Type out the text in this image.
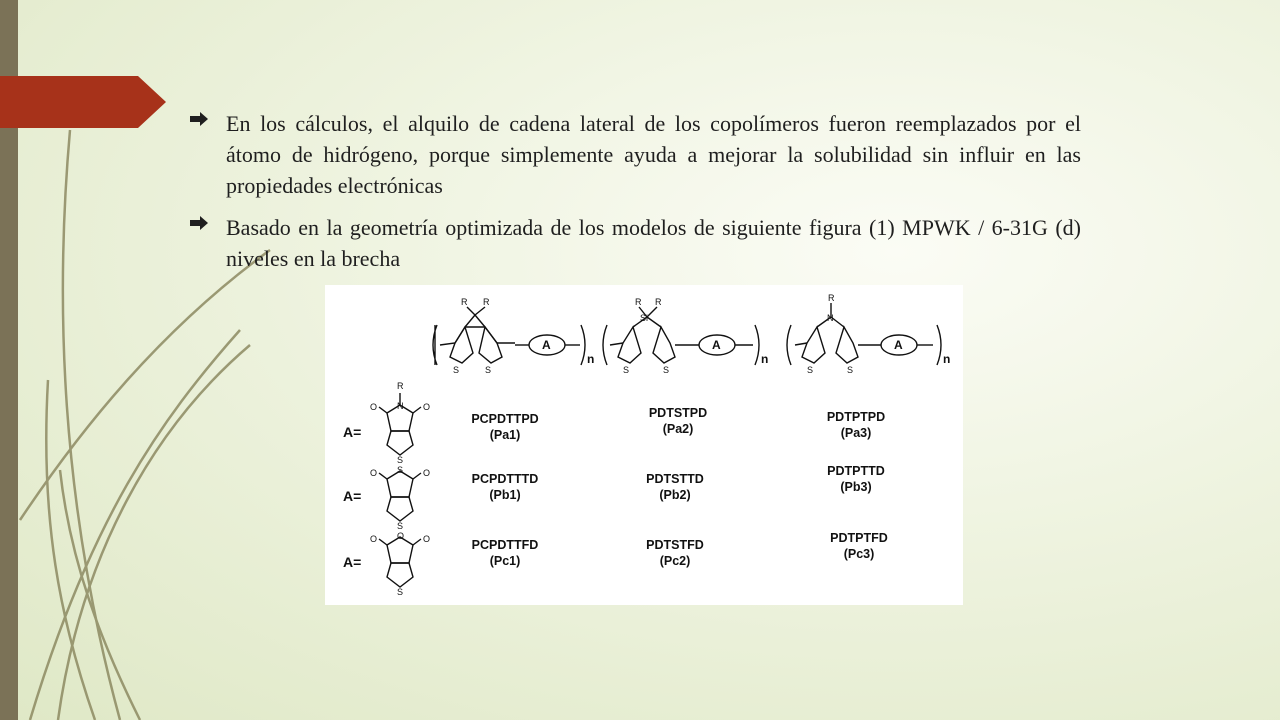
En los cálculos, el alquilo de cadena lateral de los copolímeros fueron reemplazados por el átomo de hidrógeno, porque simplemente ayuda a mejorar la solubilidad sin influir en las propiedades electrónicas
Basado en la geometría optimizada de los modelos de siguiente figura (1) MPWK / 6-31G (d) niveles en la brecha
R R
S	S
R R
Si
S	S
R
N
S	S
R
N
O	O
S
S
O	O
S
O
O	O
S
A	A	A
n	n	n
A=
A=
A=
PCPDTTPD
(Pa1)
PDTSTPD
(Pa2)
PDTPTPD
(Pa3)
PCPDTTTD
(Pb1)
PDTSTTD
(Pb2)
PDTPTTD
(Pb3)
PCPDTTFD
(Pc1)
PDTSTFD
(Pc2)
PDTPTFD
(Pc3)
